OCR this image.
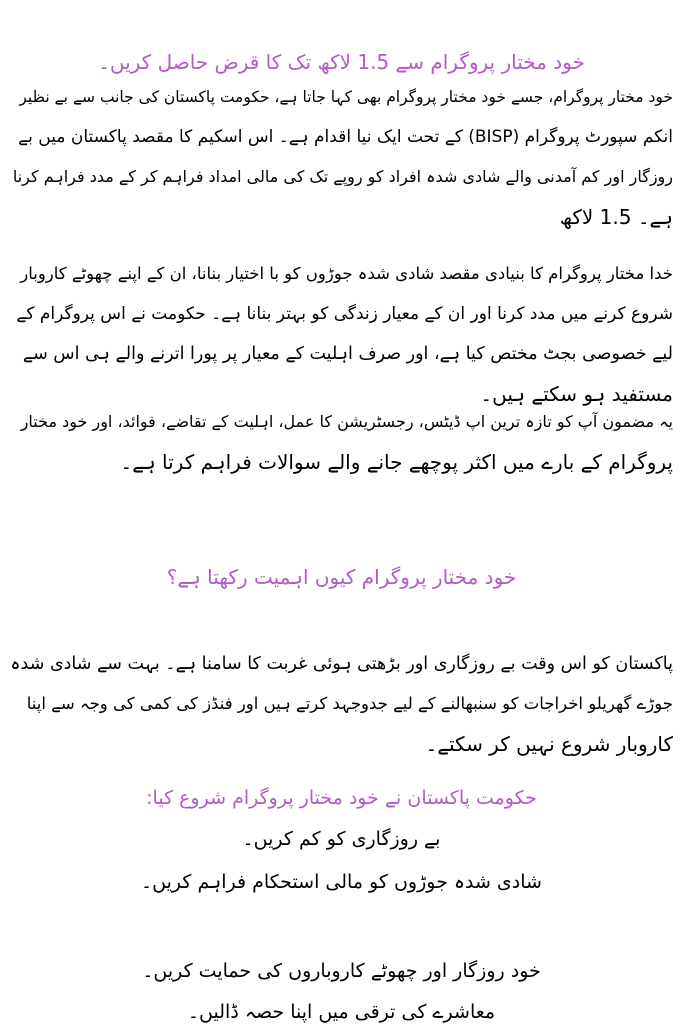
خود مختار پروگرام سے 1.5 لاکھ تک کا قرض حاصل کریں۔
خود مختار پروگرام، جسے خود مختار پروگرام بھی کہا جاتا ہے، حکومت پاکستان کی جانب سے بے نظیر
انکم سپورٹ پروگرام (BISP) کے تحت ایک نیا اقدام ہے۔ اس اسکیم کا مقصد پاکستان میں بے
روزگار اور کم آمدنی والے شادی شدہ افراد کو روپے تک کی مالی امداد فراہم کر کے مدد فراہم کرنا
ہے۔ 1.5 لاکھ
خدا مختار پروگرام کا بنیادی مقصد شادی شدہ جوڑوں کو با اختیار بنانا، ان کے اپنے چھوٹے کاروبار
شروع کرنے میں مدد کرنا اور ان کے معیار زندگی کو بہتر بنانا ہے۔ حکومت نے اس پروگرام کے
لیے خصوصی بجٹ مختص کیا ہے، اور صرف اہلیت کے معیار پر پورا اترنے والے ہی اس سے
مستفید ہو سکتے ہیں۔
یہ مضمون آپ کو تازہ ترین اپ ڈیٹس، رجسٹریشن کا عمل، اہلیت کے تقاضے، فوائد، اور خود مختار
پروگرام کے بارے میں اکثر پوچھے جانے والے سوالات فراہم کرتا ہے۔
خود مختار پروگرام کیوں اہمیت رکھتا ہے؟
پاکستان کو اس وقت بے روزگاری اور بڑھتی ہوئی غربت کا سامنا ہے۔ بہت سے شادی شدہ
جوڑے گھریلو اخراجات کو سنبھالنے کے لیے جدوجہد کرتے ہیں اور فنڈز کی کمی کی وجہ سے اپنا
کاروبار شروع نہیں کر سکتے۔
حکومت پاکستان نے خود مختار پروگرام شروع کیا:
بے روزگاری کو کم کریں۔
شادی شدہ جوڑوں کو مالی استحکام فراہم کریں۔
خود روزگار اور چھوٹے کاروباروں کی حمایت کریں۔
معاشرے کی ترقی میں اپنا حصہ ڈالیں۔
